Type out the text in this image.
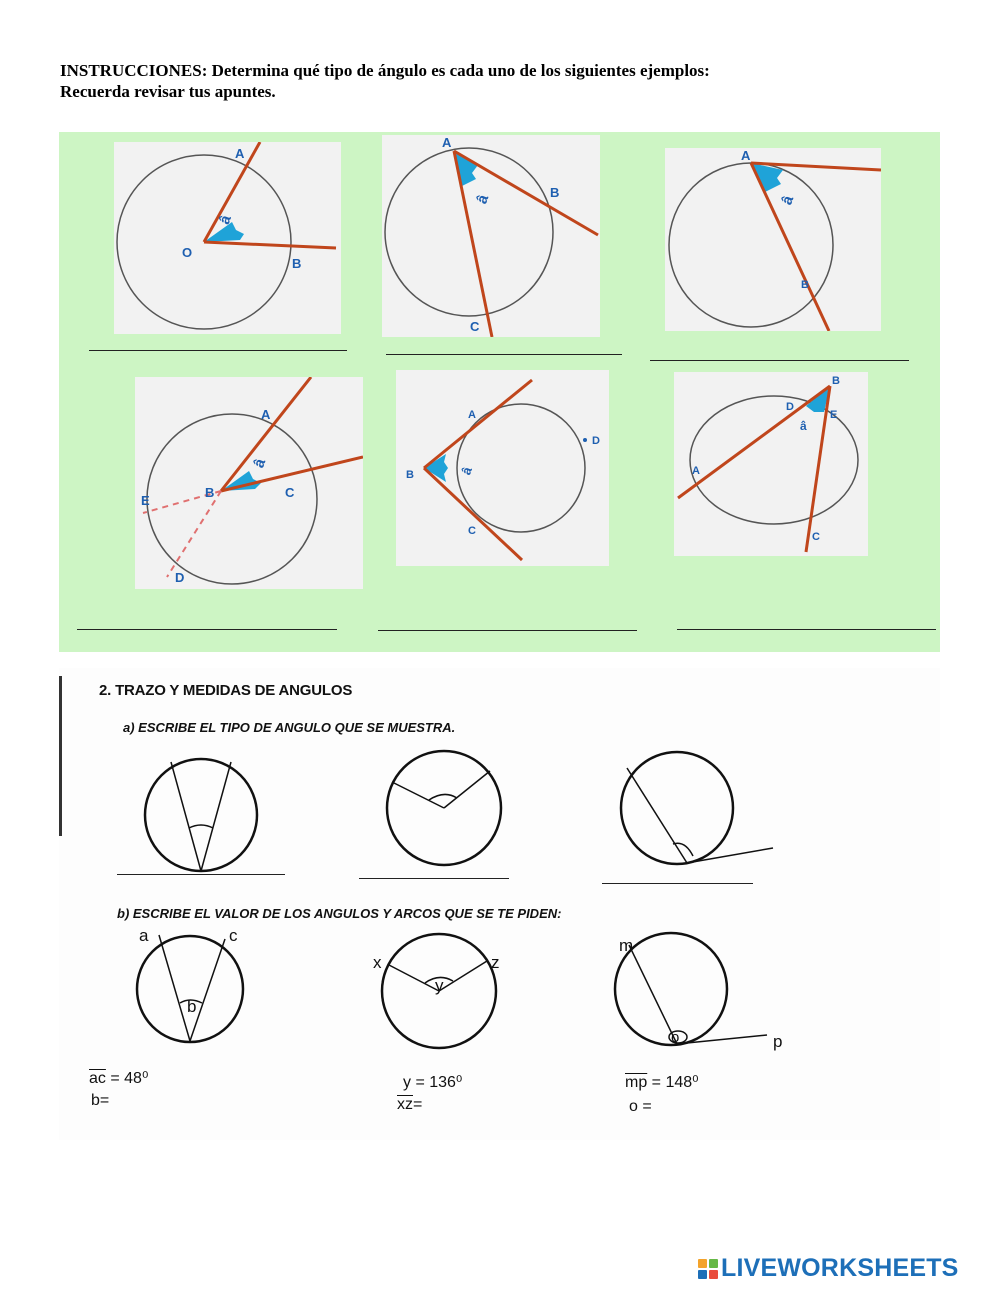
INSTRUCCIONES: Determina qué tipo de ángulo es cada uno de los siguientes ejemplos:
Recuerda revisar tus apuntes.
A
O
B
â
A
B
C
â
A
B
â
A
B	C
D
E
â
A
B
C
D
â	A
B
C
D
E
â
2. TRAZO Y MEDIDAS DE ANGULOS
a) ESCRIBE EL TIPO DE ANGULO QUE SE MUESTRA.
b) ESCRIBE EL VALOR DE LOS ANGULOS Y ARCOS QUE SE TE PIDEN:
a	c
b
x	z
y
m
p
o
$\overline{ac} = 48^0$
b=
y = 136⁰
$\overline{xz}=$
$\overline{mp} = 148^0$
o =
LIVEWORKSHEETS
